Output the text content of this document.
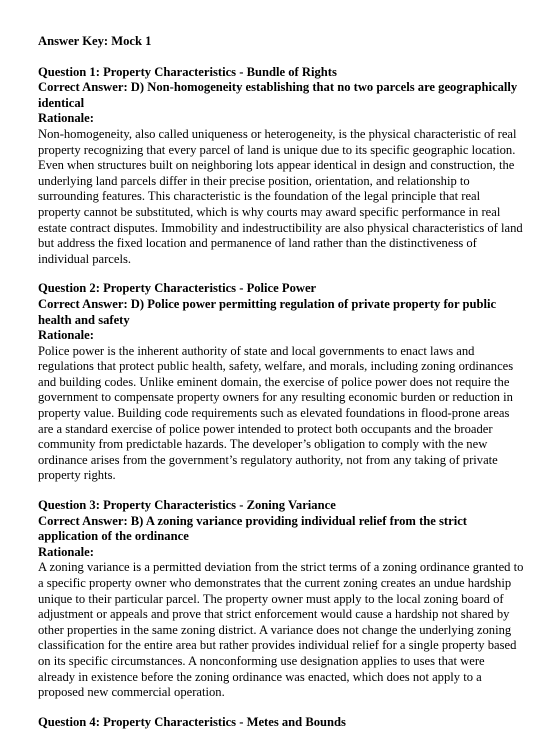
Answer Key: Mock 1

Question 1: Property Characteristics - Bundle of Rights

Correct Answer: D) Non-homogeneity establishing that no two parcels are geographically identical

Rationale:

Non-homogeneity, also called uniqueness or heterogeneity, is the physical characteristic of real property recognizing that every parcel of land is unique due to its specific geographic location. Even when structures built on neighboring lots appear identical in design and construction, the underlying land parcels differ in their precise position, orientation, and relationship to surrounding features. This characteristic is the foundation of the legal principle that real property cannot be substituted, which is why courts may award specific performance in real estate contract disputes. Immobility and indestructibility are also physical characteristics of land but address the fixed location and permanence of land rather than the distinctiveness of individual parcels.

Question 2: Property Characteristics - Police Power

Correct Answer: D) Police power permitting regulation of private property for public health and safety

Rationale:

Police power is the inherent authority of state and local governments to enact laws and regulations that protect public health, safety, welfare, and morals, including zoning ordinances and building codes. Unlike eminent domain, the exercise of police power does not require the government to compensate property owners for any resulting economic burden or reduction in property value. Building code requirements such as elevated foundations in flood-prone areas are a standard exercise of police power intended to protect both occupants and the broader community from predictable hazards. The developer’s obligation to comply with the new ordinance arises from the government’s regulatory authority, not from any taking of private property rights.

Question 3: Property Characteristics - Zoning Variance

Correct Answer: B) A zoning variance providing individual relief from the strict application of the ordinance

Rationale:

A zoning variance is a permitted deviation from the strict terms of a zoning ordinance granted to a specific property owner who demonstrates that the current zoning creates an undue hardship unique to their particular parcel. The property owner must apply to the local zoning board of adjustment or appeals and prove that strict enforcement would cause a hardship not shared by other properties in the same zoning district. A variance does not change the underlying zoning classification for the entire area but rather provides individual relief for a single property based on its specific circumstances. A nonconforming use designation applies to uses that were already in existence before the zoning ordinance was enacted, which does not apply to a proposed new commercial operation.

Question 4: Property Characteristics - Metes and Bounds
